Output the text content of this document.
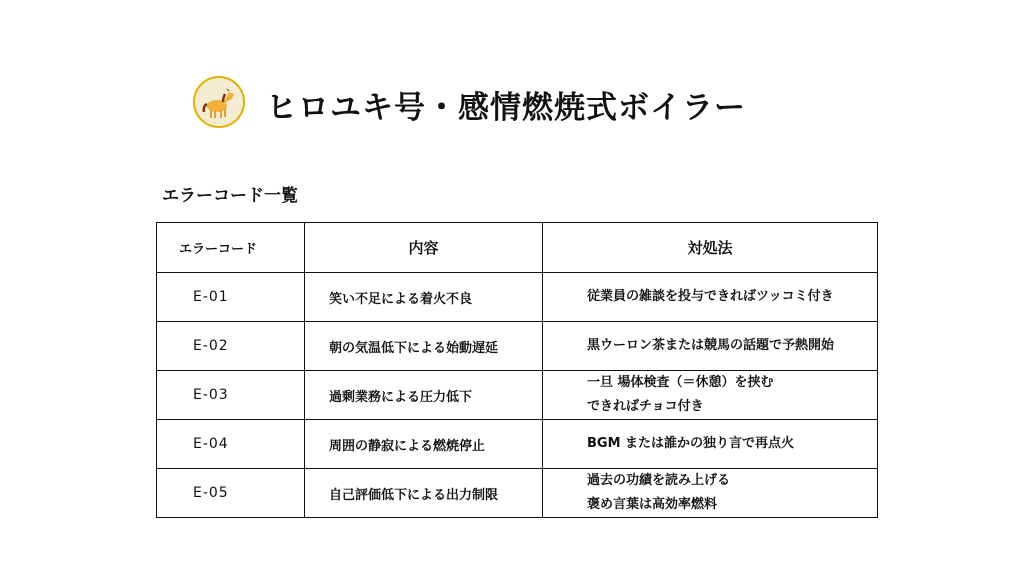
ヒロユキ号・感情燃焼式ボイラー
エラーコード一覧
エラーコード	内容	対処法
E-01	笑い不足による着火不良	従業員の雑談を投与できればツッコミ付き

E-02	朝の気温低下による始動遅延	黒ウーロン茶または競馬の話題で予熱開始

E-03	過剰業務による圧力低下	一旦 場体検査（＝休憩）を挟む
できればチョコ付き

E-04	周囲の静寂による燃焼停止	BGM または誰かの独り言で再点火

E-05	自己評価低下による出力制限	過去の功績を読み上げる
褒め言葉は高効率燃料
